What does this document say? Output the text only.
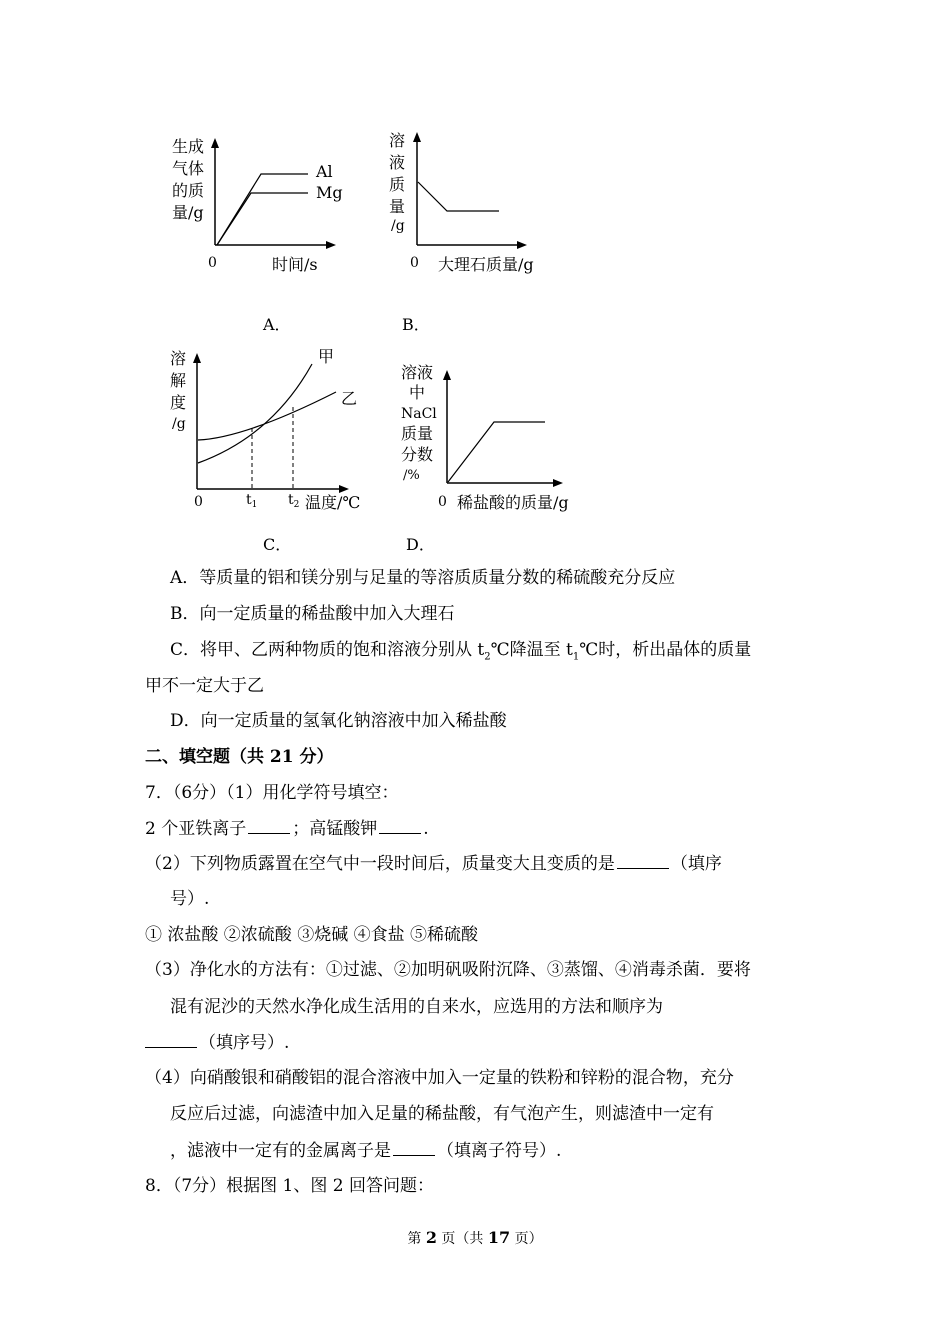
生成
气体
的质
量/g
0	时间/s
Al
Mg
溶
液
质
量
/g
0 大理石质量/g
A．	B．
溶
解
度
/g
0	$t_1$ $t_2$ 温度/℃
甲
乙
溶液
中
NaCl
质量
分数
/%
0 稀盐酸的质量/g
C．	D．
A．等质量的铝和镁分别与足量的等溶质质量分数的稀硫酸充分反应
B．向一定质量的稀盐酸中加入大理石
C．将甲、乙两种物质的饱和溶液分别从 $t_2℃$降温至 $t_1℃$时，析出晶体的质量
甲不一定大于乙
D．向一定质量的氢氧化钠溶液中加入稀盐酸
二、填空题（共 21 分）
7．（6分）（1）用化学符号填空：
2 个亚铁离子	；高锰酸钾	.
（2）下列物质露置在空气中一段时间后，质量变大且变质的是	（填序
号）.
① 浓盐酸 ②浓硫酸 ③烧碱 ④食盐 ⑤稀硫酸
（3）净化水的方法有：①过滤、②加明矾吸附沉降、③蒸馏、④消毒杀菌．要将
混有泥沙的天然水净化成生活用的自来水，应选用的方法和顺序为
（填序号）.
（4）向硝酸银和硝酸铝的混合溶液中加入一定量的铁粉和锌粉的混合物，充分
反应后过滤，向滤渣中加入足量的稀盐酸，有气泡产生，则滤渣中一定有
，滤液中一定有的金属离子是	（填离子符号）.
8．（7分）根据图 1、图 2 回答问题：
第 2 页（共 17 页）
